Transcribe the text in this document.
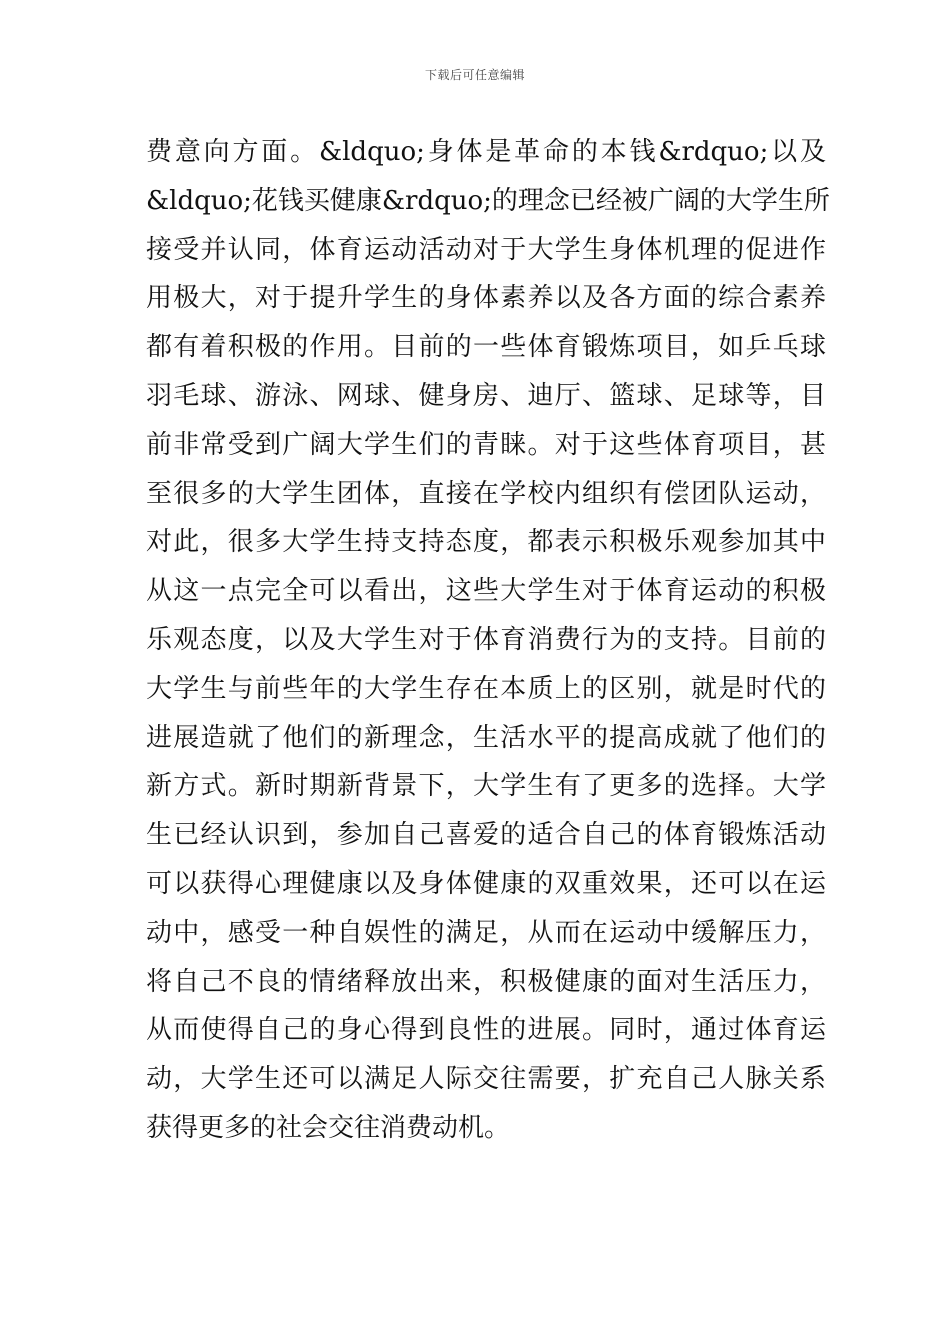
下载后可任意编辑
费意向方面。&ldquo;身体是革命的本钱&rdquo;以及
&ldquo;花钱买健康&rdquo;的理念已经被广阔的大学生所
接受并认同，体育运动活动对于大学生身体机理的促进作
用极大，对于提升学生的身体素养以及各方面的综合素养
都有着积极的作用。目前的一些体育锻炼项目，如乒乓球
羽毛球、游泳、网球、健身房、迪厅、篮球、足球等，目
前非常受到广阔大学生们的青睐。对于这些体育项目，甚
至很多的大学生团体，直接在学校内组织有偿团队运动，
对此，很多大学生持支持态度，都表示积极乐观参加其中
从这一点完全可以看出，这些大学生对于体育运动的积极
乐观态度，以及大学生对于体育消费行为的支持。目前的
大学生与前些年的大学生存在本质上的区别，就是时代的
进展造就了他们的新理念，生活水平的提高成就了他们的
新方式。新时期新背景下，大学生有了更多的选择。大学
生已经认识到，参加自己喜爱的适合自己的体育锻炼活动
可以获得心理健康以及身体健康的双重效果，还可以在运
动中，感受一种自娱性的满足，从而在运动中缓解压力，
将自己不良的情绪释放出来，积极健康的面对生活压力，
从而使得自己的身心得到良性的进展。同时，通过体育运
动，大学生还可以满足人际交往需要，扩充自己人脉关系
获得更多的社会交往消费动机。
